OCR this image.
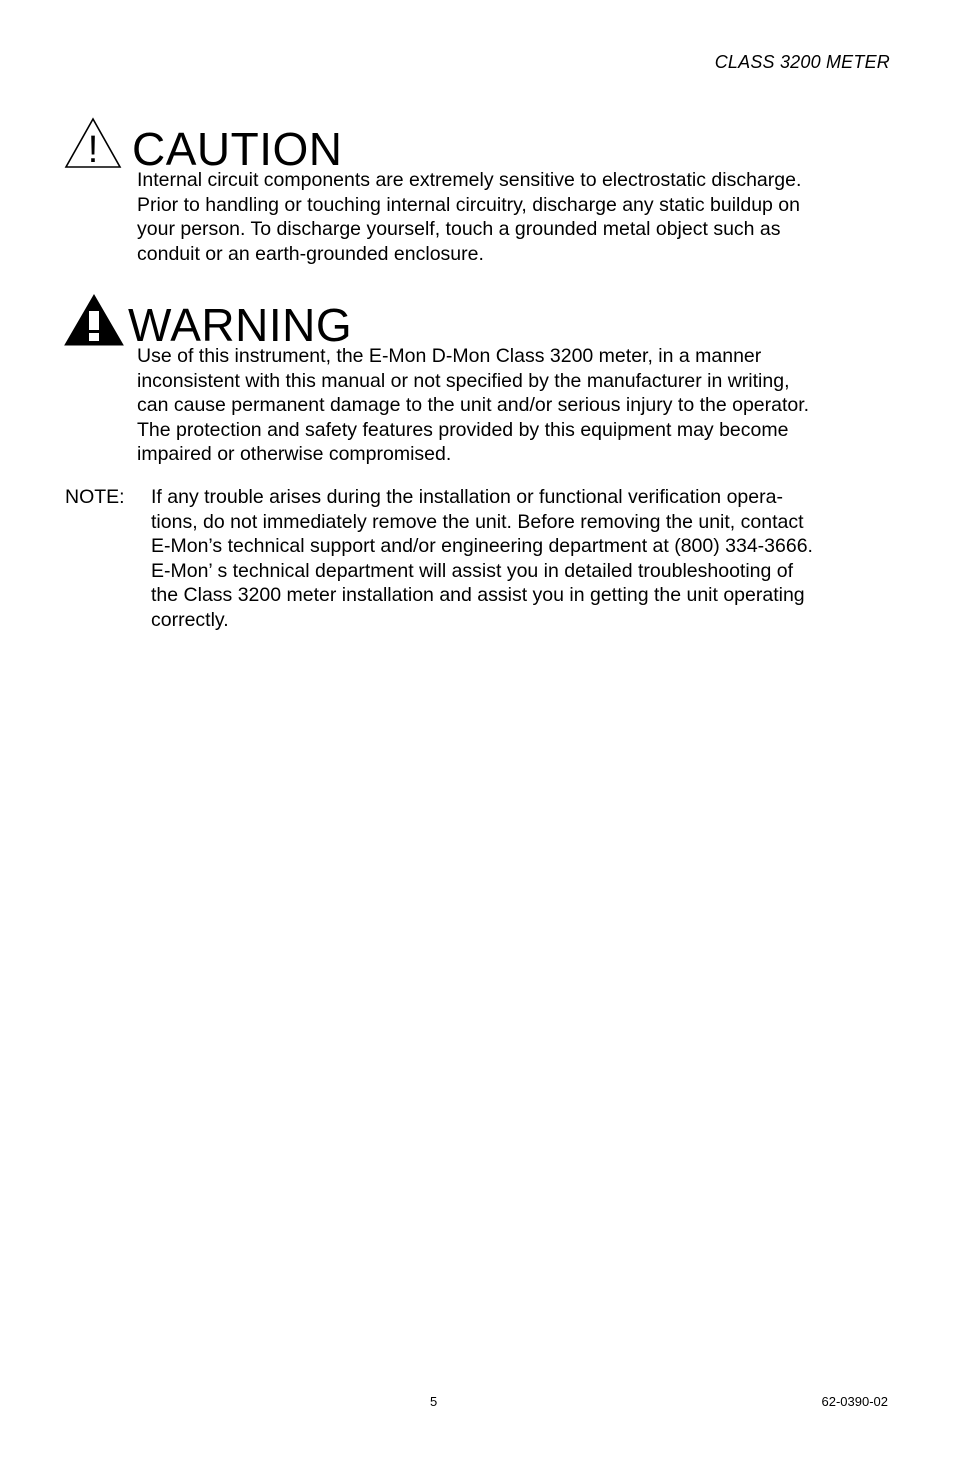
CLASS 3200 METER
! CAUTION
Internal circuit components are extremely sensitive to electrostatic discharge.
Prior to handling or touching internal circuitry, discharge any static buildup on
your person. To discharge yourself, touch a grounded metal object such as
conduit or an earth-grounded enclosure.
WARNING
Use of this instrument, the E-Mon D-Mon Class 3200 meter, in a manner
inconsistent with this manual or not specified by the manufacturer in writing,
can cause permanent damage to the unit and/or serious injury to the operator.
The protection and safety features provided by this equipment may become
impaired or otherwise compromised.
NOTE: If any trouble arises during the installation or functional verification opera-
tions, do not immediately remove the unit. Before removing the unit, contact
E-Mon’s technical support and/or engineering department at (800) 334-3666.
E-Mon’ s technical department will assist you in detailed troubleshooting of
the Class 3200 meter installation and assist you in getting the unit operating
correctly.
5	62-0390-02
